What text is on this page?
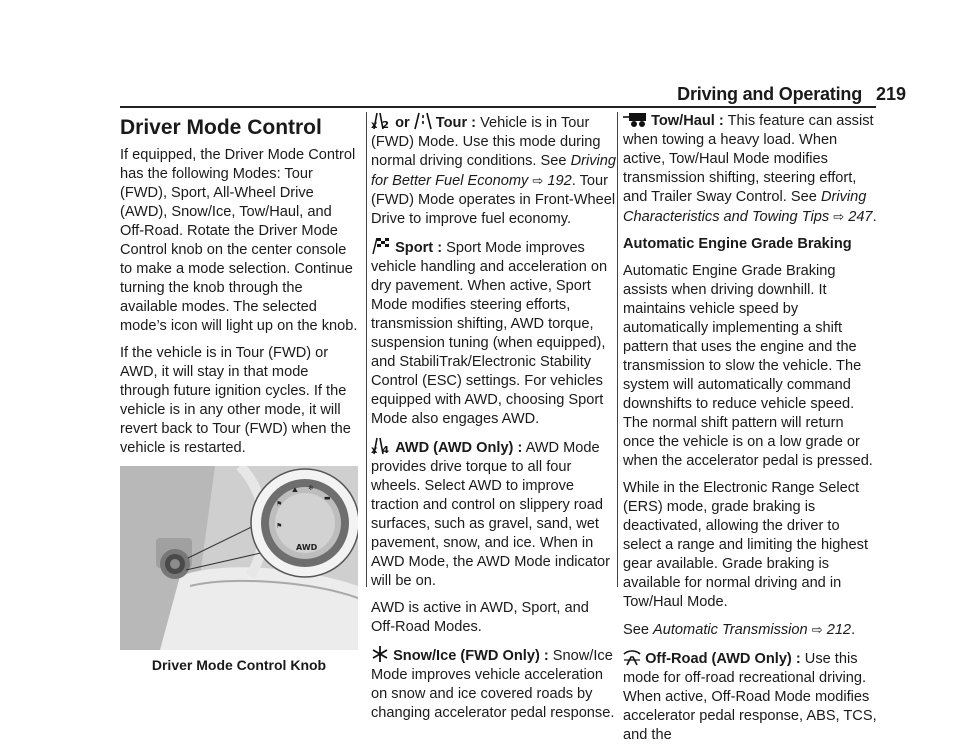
Driving and Operating 219
Driver Mode Control

If equipped, the Driver Mode Control has the following Modes: Tour (FWD), Sport, All-Wheel Drive (AWD), Snow/Ice, Tow/Haul, and Off-Road. Rotate the Driver Mode Control knob on the center console to make a mode selection. Continue turning the knob through the available modes. The selected mode’s icon will light up on the knob.

If the vehicle is in Tour (FWD) or AWD, it will stay in that mode through future ignition cycles. If the vehicle is in any other mode, it will revert back to Tour (FWD) when the vehicle is restarted.

⛰ ❄
▬
⚑
⚑
AWD
Driver Mode Control Knob

x 2 or Tour : Vehicle is in Tour (FWD) Mode. Use this mode during normal driving conditions. See Driving for Better Fuel Economy ⇨ 192. Tour (FWD) Mode operates in Front-Wheel Drive to improve fuel economy.

Sport : Sport Mode improves vehicle handling and acceleration on dry pavement. When active, Sport Mode modifies steering efforts, transmission shifting, AWD torque, suspension tuning (when equipped), and StabiliTrak/Electronic Stability Control (ESC) settings. For vehicles equipped with AWD, choosing Sport Mode also engages AWD.

x 4 AWD (AWD Only) : AWD Mode provides drive torque to all four wheels. Select AWD to improve traction and control on slippery road surfaces, such as gravel, sand, wet pavement, snow, and ice. When in AWD Mode, the AWD Mode indicator will be on.

AWD is active in AWD, Sport, and Off-Road Modes.

Snow/Ice (FWD Only) : Snow/Ice Mode improves vehicle acceleration on snow and ice covered roads by changing accelerator pedal response.

Tow/Haul : This feature can assist when towing a heavy load. When active, Tow/Haul Mode modifies transmission shifting, steering effort, and Trailer Sway Control. See Driving Characteristics and Towing Tips ⇨ 247.

Automatic Engine Grade Braking

Automatic Engine Grade Braking assists when driving downhill. It maintains vehicle speed by automatically implementing a shift pattern that uses the engine and the transmission to slow the vehicle. The system will automatically command downshifts to reduce vehicle speed. The normal shift pattern will return once the vehicle is on a low grade or when the accelerator pedal is pressed.

While in the Electronic Range Select (ERS) mode, grade braking is deactivated, allowing the driver to select a range and limiting the highest gear available. Grade braking is available for normal driving and in Tow/Haul Mode.

See Automatic Transmission ⇨ 212.

Off-Road (AWD Only) : Use this mode for off-road recreational driving. When active, Off-Road Mode modifies accelerator pedal response, ABS, TCS, and the
